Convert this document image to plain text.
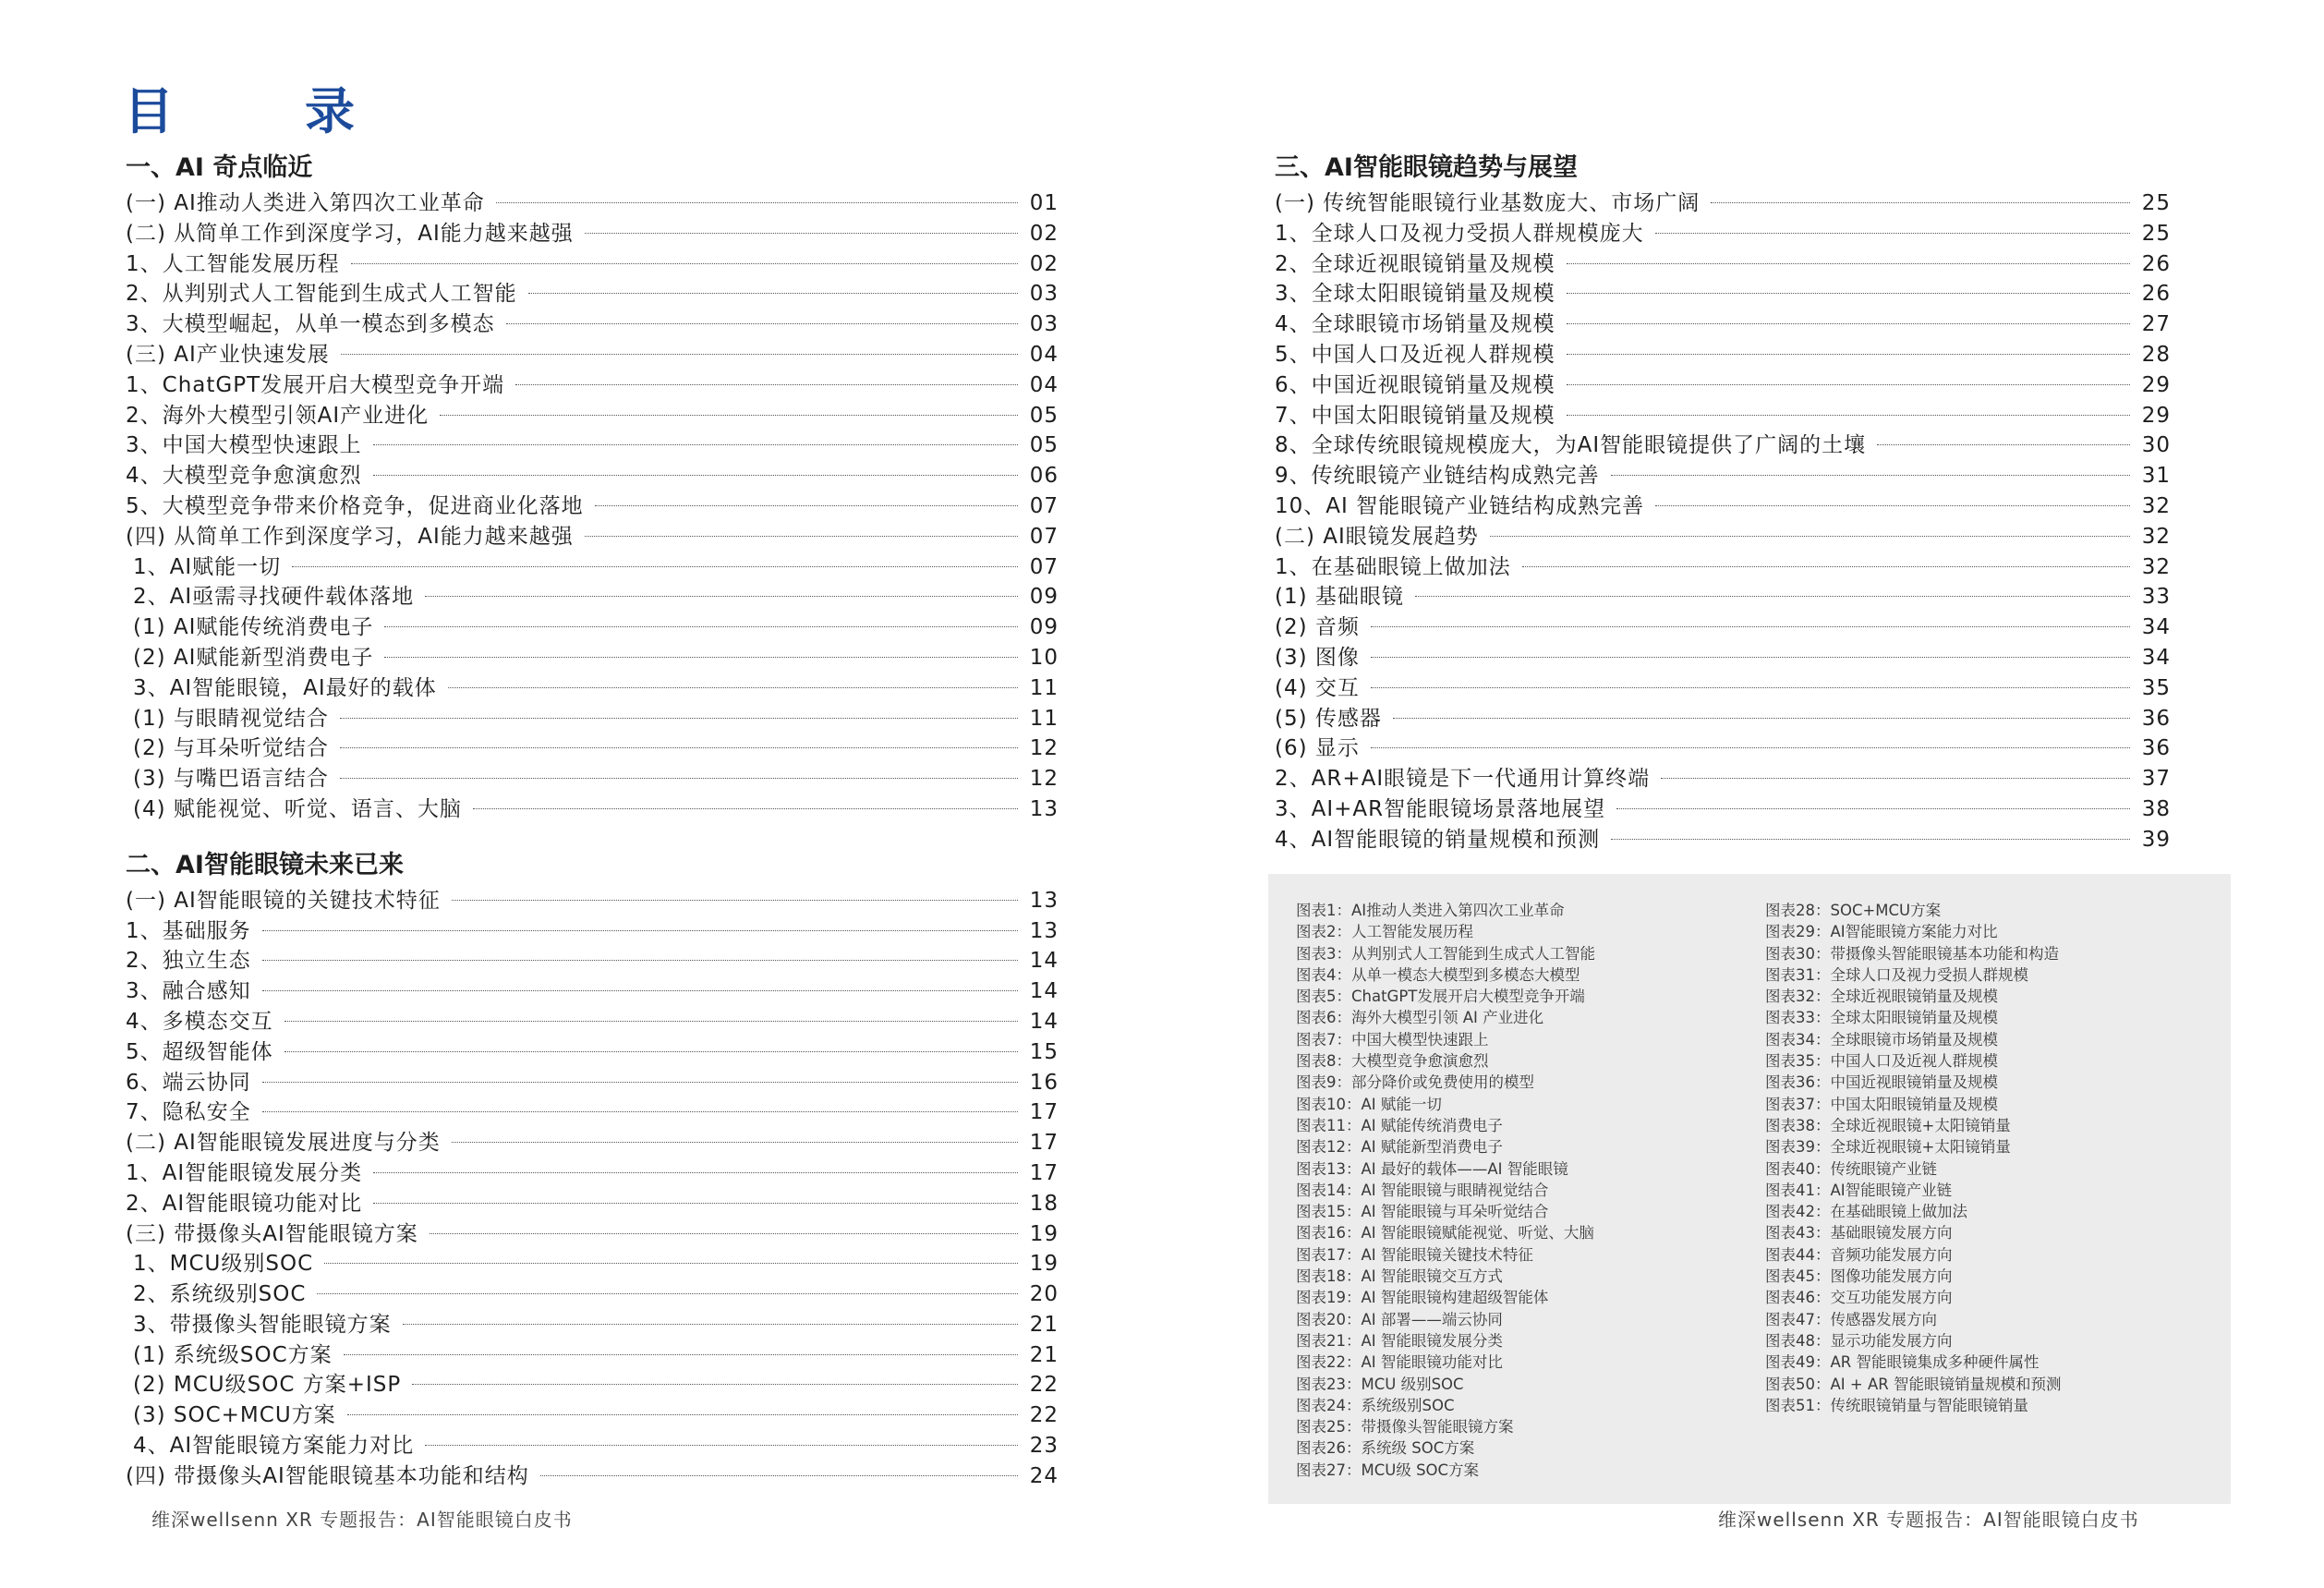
目　录
一、AI 奇点临近
(一) AI推动人类进入第四次工业革命	01
(二) 从简单工作到深度学习，AI能力越来越强	02
1、人工智能发展历程	02
2、从判别式人工智能到生成式人工智能	03
3、大模型崛起，从单一模态到多模态	03
(三) AI产业快速发展	04
1、ChatGPT发展开启大模型竞争开端	04
2、海外大模型引领AI产业进化	05
3、中国大模型快速跟上	05
4、大模型竞争愈演愈烈	06
5、大模型竞争带来价格竞争，促进商业化落地	07
(四) 从简单工作到深度学习，AI能力越来越强	07
1、AI赋能一切	07
2、AI亟需寻找硬件载体落地	09
(1) AI赋能传统消费电子	09
(2) AI赋能新型消费电子	10
3、AI智能眼镜，AI最好的载体	11
(1) 与眼睛视觉结合	11
(2) 与耳朵听觉结合	12
(3) 与嘴巴语言结合	12
(4) 赋能视觉、听觉、语言、大脑	13
二、AI智能眼镜未来已来
(一) AI智能眼镜的关键技术特征	13
1、基础服务	13
2、独立生态	14
3、融合感知	14
4、多模态交互	14
5、超级智能体	15
6、端云协同	16
7、隐私安全	17
(二) AI智能眼镜发展进度与分类	17
1、AI智能眼镜发展分类	17
2、AI智能眼镜功能对比	18
(三) 带摄像头AI智能眼镜方案	19
1、MCU级别SOC	19
2、系统级别SOC	20
3、带摄像头智能眼镜方案	21
(1) 系统级SOC方案	21
(2) MCU级SOC 方案+ISP	22
(3) SOC+MCU方案	22
4、AI智能眼镜方案能力对比	23
(四) 带摄像头AI智能眼镜基本功能和结构	24
三、AI智能眼镜趋势与展望
(一) 传统智能眼镜行业基数庞大、市场广阔	25
1、全球人口及视力受损人群规模庞大	25
2、全球近视眼镜销量及规模	26
3、全球太阳眼镜销量及规模	26
4、全球眼镜市场销量及规模	27
5、中国人口及近视人群规模	28
6、中国近视眼镜销量及规模	29
7、中国太阳眼镜销量及规模	29
8、全球传统眼镜规模庞大，为AI智能眼镜提供了广阔的土壤	30
9、传统眼镜产业链结构成熟完善	31
10、AI 智能眼镜产业链结构成熟完善	32
(二) AI眼镜发展趋势	32
1、在基础眼镜上做加法	32
(1) 基础眼镜	33
(2) 音频	34
(3) 图像	34
(4) 交互	35
(5) 传感器	36
(6) 显示	36
2、AR+AI眼镜是下一代通用计算终端	37
3、AI+AR智能眼镜场景落地展望	38
4、AI智能眼镜的销量规模和预测	39
图表1：AI推动人类进入第四次工业革命
图表2：人工智能发展历程
图表3：从判别式人工智能到生成式人工智能
图表4：从单一模态大模型到多模态大模型
图表5：ChatGPT发展开启大模型竞争开端
图表6：海外大模型引领 AI 产业进化
图表7：中国大模型快速跟上
图表8：大模型竞争愈演愈烈
图表9：部分降价或免费使用的模型
图表10：AI 赋能一切
图表11：AI 赋能传统消费电子
图表12：AI 赋能新型消费电子
图表13：AI 最好的载体——AI 智能眼镜
图表14：AI 智能眼镜与眼睛视觉结合
图表15：AI 智能眼镜与耳朵听觉结合
图表16：AI 智能眼镜赋能视觉、听觉、大脑
图表17：AI 智能眼镜关键技术特征
图表18：AI 智能眼镜交互方式
图表19：AI 智能眼镜构建超级智能体
图表20：AI 部署——端云协同
图表21：AI 智能眼镜发展分类
图表22：AI 智能眼镜功能对比
图表23：MCU 级别SOC
图表24：系统级别SOC
图表25：带摄像头智能眼镜方案
图表26：系统级 SOC方案
图表27：MCU级 SOC方案
图表28：SOC+MCU方案
图表29：AI智能眼镜方案能力对比
图表30：带摄像头智能眼镜基本功能和构造
图表31：全球人口及视力受损人群规模
图表32：全球近视眼镜销量及规模
图表33：全球太阳眼镜销量及规模
图表34：全球眼镜市场销量及规模
图表35：中国人口及近视人群规模
图表36：中国近视眼镜销量及规模
图表37：中国太阳眼镜销量及规模
图表38：全球近视眼镜+太阳镜销量
图表39：全球近视眼镜+太阳镜销量
图表40：传统眼镜产业链
图表41：AI智能眼镜产业链
图表42：在基础眼镜上做加法
图表43：基础眼镜发展方向
图表44：音频功能发展方向
图表45：图像功能发展方向
图表46：交互功能发展方向
图表47：传感器发展方向
图表48：显示功能发展方向
图表49：AR 智能眼镜集成多种硬件属性
图表50：AI + AR 智能眼镜销量规模和预测
图表51：传统眼镜销量与智能眼镜销量
维深wellsenn XR 专题报告：AI智能眼镜白皮书	维深wellsenn XR 专题报告：AI智能眼镜白皮书
